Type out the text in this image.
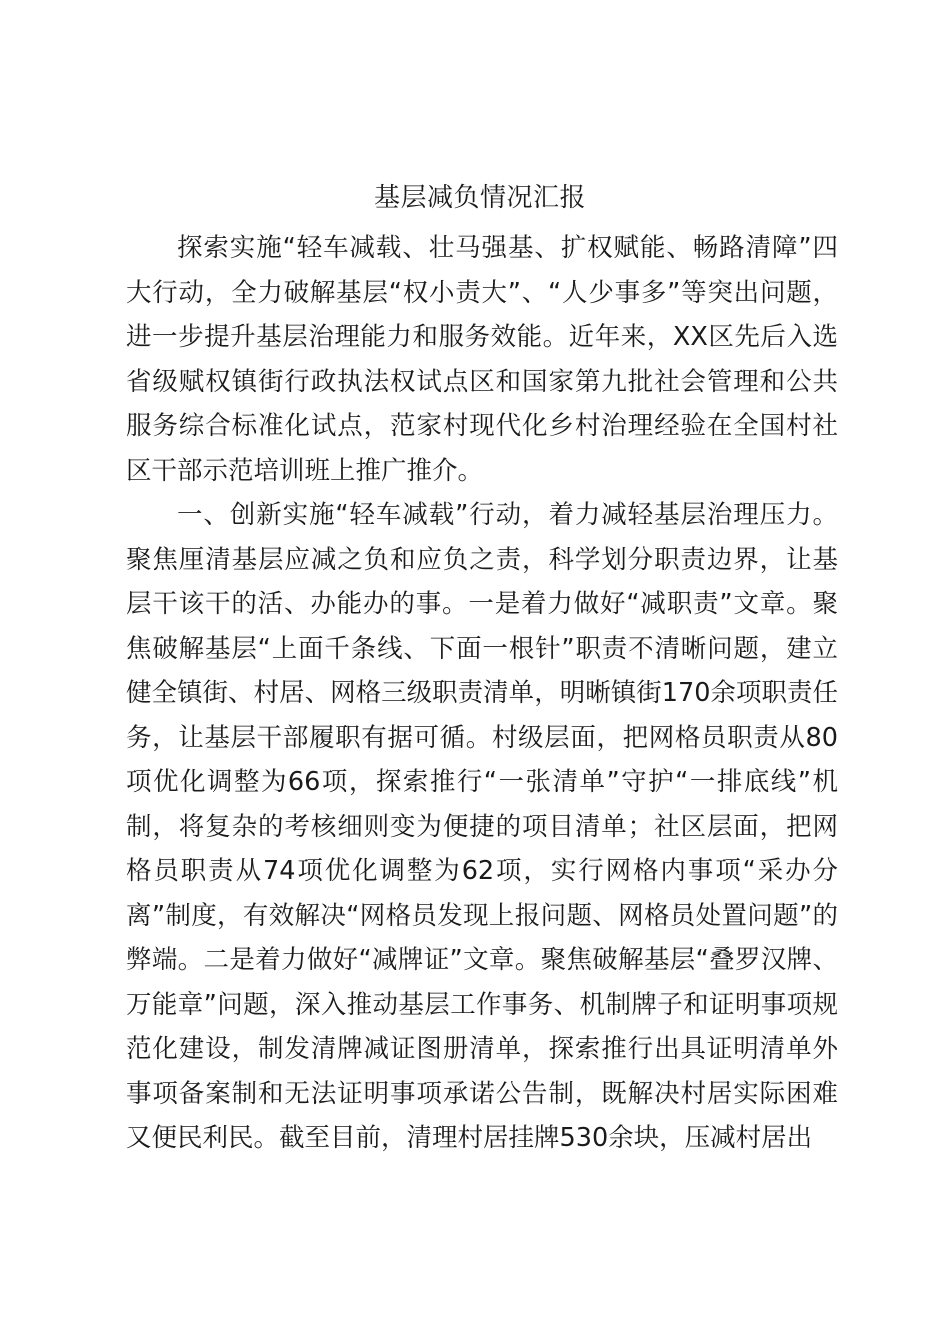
基层减负情况汇报

探索实施“轻车减载、壮马强基、扩权赋能、畅路清障”四大行动，全力破解基层“权小责大”、“人少事多”等突出问题，进一步提升基层治理能力和服务效能。近年来，XX区先后入选省级赋权镇街行政执法权试点区和国家第九批社会管理和公共服务综合标准化试点，范家村现代化乡村治理经验在全国村社区干部示范培训班上推广推介。

一、创新实施“轻车减载”行动，着力减轻基层治理压力。聚焦厘清基层应减之负和应负之责，科学划分职责边界，让基层干该干的活、办能办的事。一是着力做好“减职责”文章。聚焦破解基层“上面千条线、下面一根针”职责不清晰问题，建立健全镇街、村居、网格三级职责清单，明晰镇街170余项职责任务，让基层干部履职有据可循。村级层面，把网格员职责从80项优化调整为66项，探索推行“一张清单”守护“一排底线”机制，将复杂的考核细则变为便捷的项目清单；社区层面，把网格员职责从74项优化调整为62项，实行网格内事项“采办分离”制度，有效解决“网格员发现上报问题、网格员处置问题”的弊端。二是着力做好“减牌证”文章。聚焦破解基层“叠罗汉牌、万能章”问题，深入推动基层工作事务、机制牌子和证明事项规范化建设，制发清牌减证图册清单，探索推行出具证明清单外事项备案制和无法证明事项承诺公告制，既解决村居实际困难又便民利民。截至目前，清理村居挂牌530余块，压减村居出
